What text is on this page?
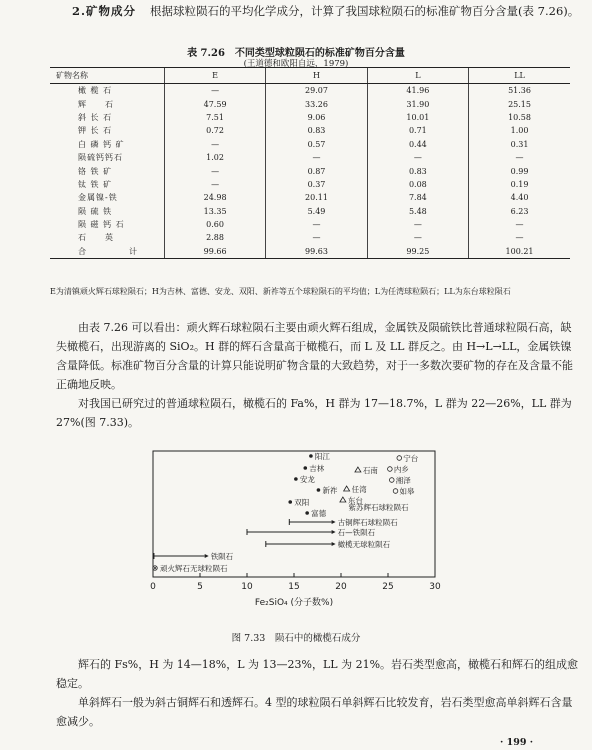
2.矿物成分 根据球粒陨石的平均化学成分，计算了我国球粒陨石的标准矿物百分含量(表 7.26)。

表 7.26　不同类型球粒陨石的标准矿物百分含量
(王道德和欧阳自远，1979)
矿物名称	E	H	L	LL
橄 榄 石	—	29.07	41.96	51.36
辉　　石	47.59	33.26	31.90	25.15
斜 长 石	7.51	9.06	10.01	10.58
钾 长 石	0.72	0.83	0.71	1.00
白 磷 钙 矿	—	0.57	0.44	0.31
陨硫钙钙石	1.02	—	—	—
铬 铁 矿	—	0.87	0.83	0.99
钛 铁 矿	—	0.37	0.08	0.19
金属镍-铁	24.98	20.11	7.84	4.40
陨 硫 铁	13.35	5.49	5.48	6.23
陨 磁 钙 石	0.60	—	—	—
石　　英	2.88	—	—	—
合　　计	99.66	99.63	99.25	100.21

E为清镇顽火辉石球粒陨石；H为吉林、富德、安龙、双阳、新祚等五个球粒陨石的平均值；L为任湾球粒陨石；LL为东台球粒陨石

由表 7.26 可以看出：顽火辉石球粒陨石主要由顽火辉石组成，金属铁及陨硫铁比普通球粒陨石高，缺失橄榄石，出现游离的 SiO₂。H 群的辉石含量高于橄榄石，而 L 及 LL 群反之。由 H→L→LL，金属铁镍含量降低。标准矿物百分含量的计算只能说明矿物含量的大致趋势，对于一多数次要矿物的存在及含量不能正确地反映。

对我国已研究过的普通球粒陨石，橄榄石的 Fa%，H 群为 17—18.7%，L 群为 22—26%，LL 群为 27%(图 7.33)。

0	5	10	15	20	25	30
Fe₂SiO₄ (分子数%)
阳江
吉林
安龙
新祚
双阳
富德
石南
任湾
东台
宁台
内乡
湘泽
如皋
紫苏辉石球粒陨石
古铜辉石球粒陨石
石—铁陨石
橄榄无球粒陨石
铁陨石
顽火辉石无球粒陨石
图 7.33　陨石中的橄榄石成分

辉石的 Fs%，H 为 14—18%，L 为 13—23%，LL 为 21%。岩石类型愈高，橄榄石和辉石的组成愈稳定。

单斜辉石一般为斜古铜辉石和透辉石。4 型的球粒陨石单斜辉石比较发育，岩石类型愈高单斜辉石含量愈减少。

· 199 ·
